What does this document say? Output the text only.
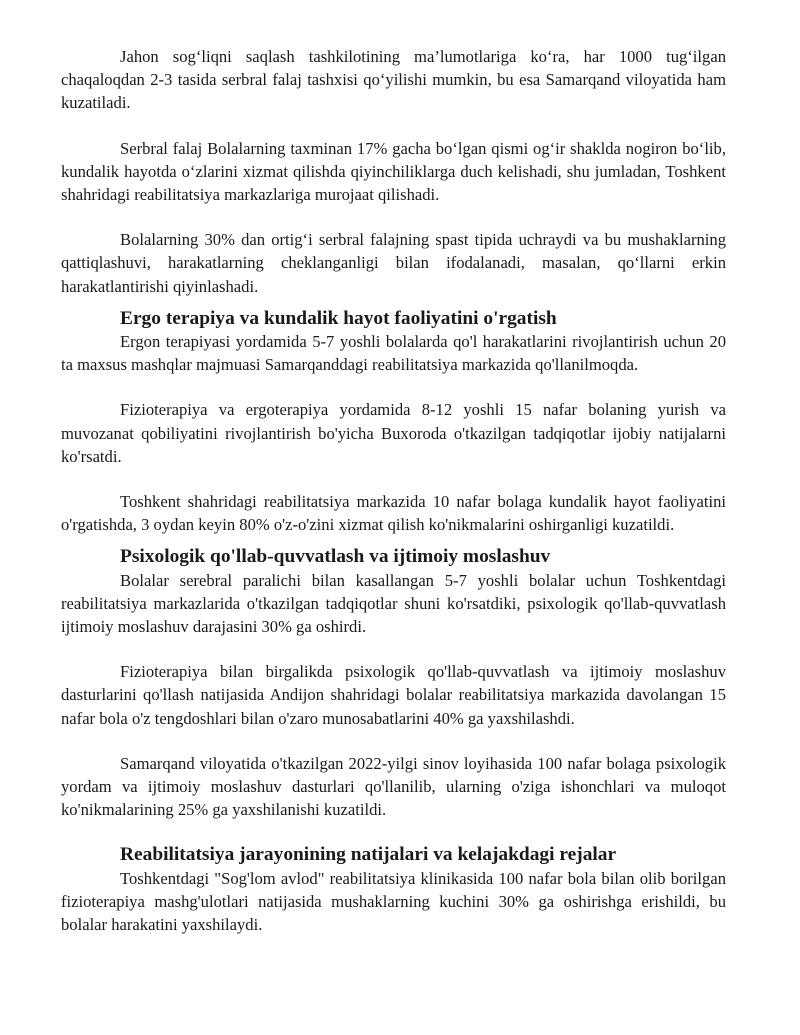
Jahon sog‘liqni saqlash tashkilotining ma’lumotlariga ko‘ra, har 1000 tug‘ilgan chaqaloqdan 2-3 tasida serbral falaj tashxisi qo‘yilishi mumkin, bu esa Samarqand viloyatida ham kuzatiladi.

Serbral falaj Bolalarning taxminan 17% gacha bo‘lgan qismi og‘ir shaklda nogiron bo‘lib, kundalik hayotda o‘zlarini xizmat qilishda qiyinchiliklarga duch kelishadi, shu jumladan, Toshkent shahridagi reabilitatsiya markazlariga murojaat qilishadi.

Bolalarning 30% dan ortig‘i serbral falajning spast tipida uchraydi va bu mushaklarning qattiqlashuvi, harakatlarning cheklanganligi bilan ifodalanadi, masalan, qo‘llarni erkin harakatlantirishi qiyinlashadi.

Ergo terapiya va kundalik hayot faoliyatini o'rgatish

Ergon terapiyasi yordamida 5-7 yoshli bolalarda qo'l harakatlarini rivojlantirish uchun 20 ta maxsus mashqlar majmuasi Samarqanddagi reabilitatsiya markazida qo'llanilmoqda.

Fizioterapiya va ergoterapiya yordamida 8-12 yoshli 15 nafar bolaning yurish va muvozanat qobiliyatini rivojlantirish bo'yicha Buxoroda o'tkazilgan tadqiqotlar ijobiy natijalarni ko'rsatdi.

Toshkent shahridagi reabilitatsiya markazida 10 nafar bolaga kundalik hayot faoliyatini o'rgatishda, 3 oydan keyin 80% o'z-o'zini xizmat qilish ko'nikmalarini oshirganligi kuzatildi.

Psixologik qo'llab-quvvatlash va ijtimoiy moslashuv

Bolalar serebral paralichi bilan kasallangan 5-7 yoshli bolalar uchun Toshkentdagi reabilitatsiya markazlarida o'tkazilgan tadqiqotlar shuni ko'rsatdiki, psixologik qo'llab-quvvatlash ijtimoiy moslashuv darajasini 30% ga oshirdi.

Fizioterapiya bilan birgalikda psixologik qo'llab-quvvatlash va ijtimoiy moslashuv dasturlarini qo'llash natijasida Andijon shahridagi bolalar reabilitatsiya markazida davolangan 15 nafar bola o'z tengdoshlari bilan o'zaro munosabatlarini 40% ga yaxshilashdi.

Samarqand viloyatida o'tkazilgan 2022-yilgi sinov loyihasida 100 nafar bolaga psixologik yordam va ijtimoiy moslashuv dasturlari qo'llanilib, ularning o'ziga ishonchlari va muloqot ko'nikmalarining 25% ga yaxshilanishi kuzatildi.

Reabilitatsiya jarayonining natijalari va kelajakdagi rejalar

Toshkentdagi "Sog'lom avlod" reabilitatsiya klinikasida 100 nafar bola bilan olib borilgan fizioterapiya mashg'ulotlari natijasida mushaklarning kuchini 30% ga oshirishga erishildi, bu bolalar harakatini yaxshilaydi.
